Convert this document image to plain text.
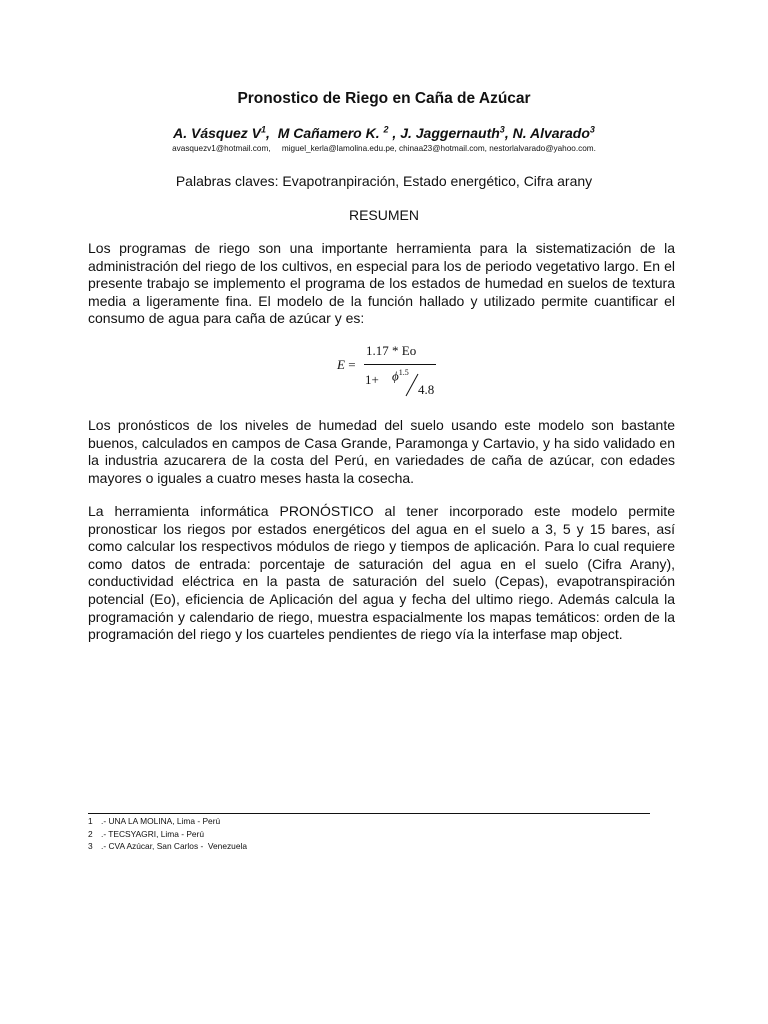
Pronostico de Riego en Caña de Azúcar
A. Vásquez $V^1$,  M Cañamero K. $^2$ , J. Jaggernauth$^3$, N. Alvarado$^3$
avasquezv1@hotmail.com,     miguel_kerla@lamolina.edu.pe, chinaa23@hotmail.com, nestorlalvarado@yahoo.com.
Palabras claves: Evapotranpiración, Estado energético, Cifra arany
RESUMEN
Los programas de riego son una importante herramienta para la sistematización de la administración del riego de los cultivos, en especial para los de periodo vegetativo largo. En el presente trabajo se implemento el programa de los estados de humedad en suelos de textura media a ligeramente fina. El modelo de la función hallado y utilizado permite cuantificar el consumo de agua para caña de azúcar y es:
E =
1.17 * Eo
$1+ \phi^{1.5}$
4.8
Los pronósticos de los niveles de humedad del suelo usando este modelo son bastante buenos, calculados en campos de Casa Grande, Paramonga y Cartavio, y ha sido validado en la industria azucarera de la costa del Perú, en variedades de caña de azúcar, con edades mayores o iguales a cuatro meses hasta la cosecha.
La herramienta informática PRONÓSTICO al tener incorporado este modelo permite pronosticar los riegos por estados energéticos del agua en el suelo a 3, 5 y 15 bares, así como calcular los respectivos módulos de riego y tiempos de aplicación. Para lo cual requiere como datos de entrada: porcentaje de saturación del agua en el suelo (Cifra Arany), conductividad eléctrica en la pasta de saturación del suelo (Cepas), evapotranspiración potencial (Eo), eficiencia de Aplicación del agua y fecha del ultimo riego. Además calcula la programación y calendario de riego, muestra espacialmente los mapas temáticos: orden de la programación del riego y los cuarteles pendientes de riego vía la interfase map object.
1 .- UNA LA MOLINA, Lima - Perú
2 .- TECSYAGRI, Lima - Perú
3 .- CVA Azúcar, San Carlos -  Venezuela
